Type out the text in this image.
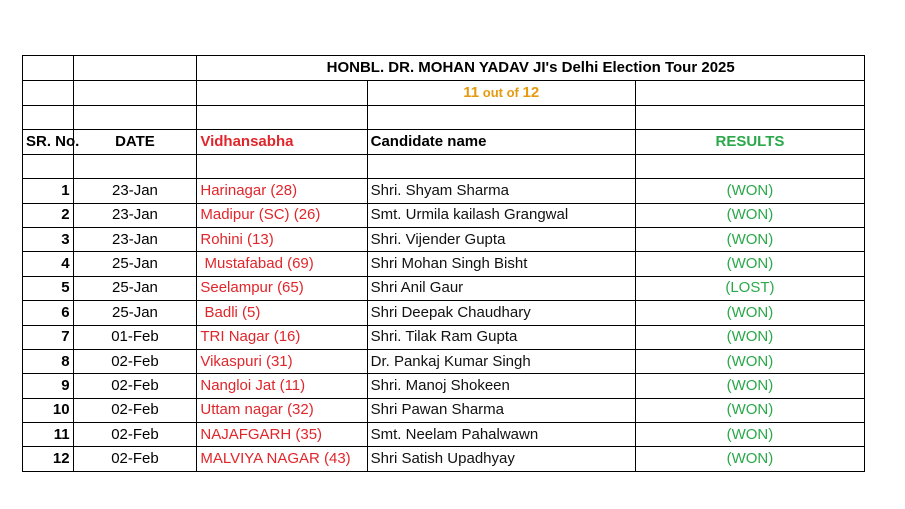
		HONBL. DR. MOHAN YADAV JI's Delhi Election Tour 2025		
			11 out of 12	

SR. No.	DATE	Vidhansabha	Candidate name	RESULTS

1	23-Jan	Harinagar (28)	Shri. Shyam Sharma	(WON)
2	23-Jan	Madipur (SC) (26)	Smt. Urmila kailash Grangwal	(WON)
3	23-Jan	Rohini (13)	Shri. Vijender Gupta	(WON)
4	25-Jan	Mustafabad (69)	Shri Mohan Singh Bisht	(WON)
5	25-Jan	Seelampur (65)	Shri Anil Gaur	(LOST)
6	25-Jan	Badli (5)	Shri Deepak Chaudhary	(WON)
7	01-Feb	TRI Nagar (16)	Shri. Tilak Ram Gupta	(WON)
8	02-Feb	Vikaspuri (31)	Dr. Pankaj Kumar Singh	(WON)
9	02-Feb	Nangloi Jat (11)	Shri. Manoj Shokeen	(WON)
10	02-Feb	Uttam nagar (32)	Shri Pawan Sharma	(WON)
11	02-Feb	NAJAFGARH (35)	Smt. Neelam Pahalwawn	(WON)
12	02-Feb	MALVIYA NAGAR (43)	Shri Satish Upadhyay	(WON)
